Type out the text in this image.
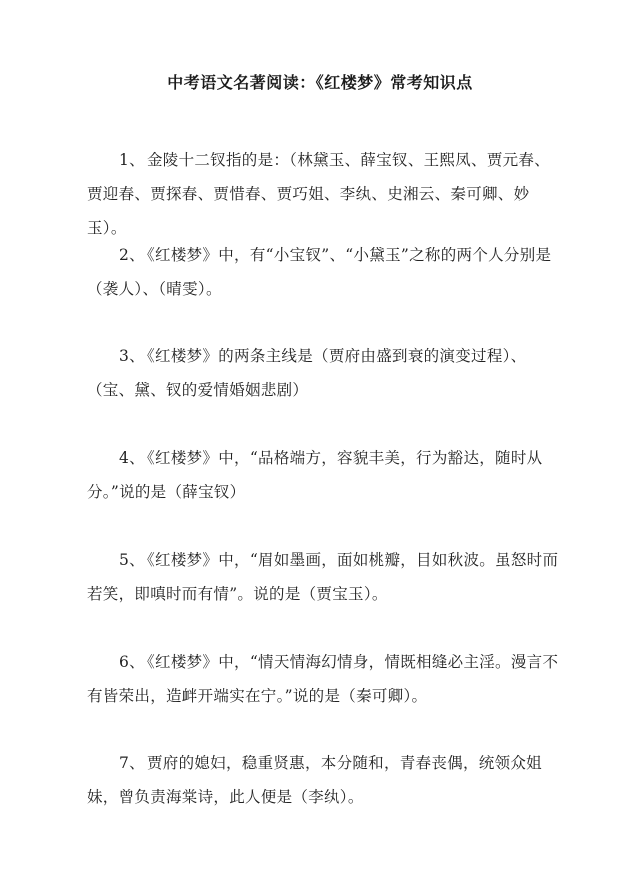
中考语文名著阅读：《红楼梦》常考知识点

1、 金陵十二钗指的是：（林黛玉、薛宝钗、王熙凤、贾元春、贾迎春、贾探春、贾惜春、贾巧姐、李纨、史湘云、秦可卿、妙玉）。

2、 《红楼梦》中，有“小宝钗”、“小黛玉”之称的两个人分别是（袭人）、（晴雯）。

3、 《红楼梦》的两条主线是（贾府由盛到衰的演变过程）、（宝、黛、钗的爱情婚姻悲剧）

4、 《红楼梦》中，“品格端方，容貌丰美，行为豁达，随时从分。”说的是（薛宝钗）

5、 《红楼梦》中，“眉如墨画，面如桃瓣，目如秋波。虽怒时而若笑，即嗔时而有情”。说的是（贾宝玉）。

6、 《红楼梦》中，“情天情海幻情身，情既相缝必主淫。漫言不有皆荣出，造衅开端实在宁。”说的是（秦可卿）。

7、 贾府的媳妇，稳重贤惠，本分随和，青春丧偶，统领众姐妹，曾负责海棠诗，此人便是（李纨）。
